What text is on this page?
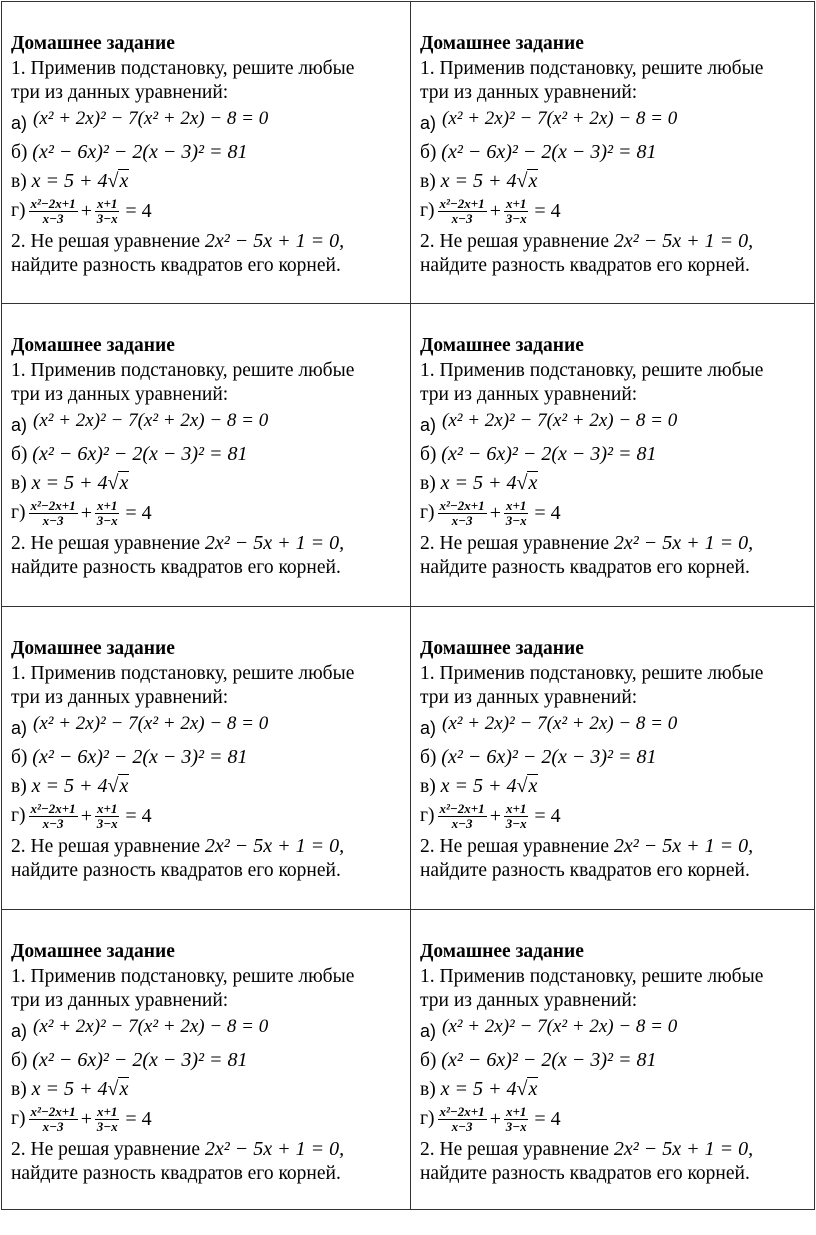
Домашнее задание
1. Применив подстановку, решите любые
три из данных уравнений:
а) (x² + 2x)² − 7(x² + 2x) − 8 = 0
б) (x² − 6x)² − 2(x − 3)² = 81
в) x = 5 + 4√x
$г) \frac{\text{x²−2x+1}}{x-3} + \frac{x+1}{3-x} = 4$
2. Не решая уравнение 2x² − 5x + 1 = 0,
найдите разность квадратов его корней.
Домашнее задание
1. Применив подстановку, решите любые
три из данных уравнений:
а) (x² + 2x)² − 7(x² + 2x) − 8 = 0
б) (x² − 6x)² − 2(x − 3)² = 81
в) x = 5 + 4√x
$г) \frac{\text{x²−2x+1}}{x-3} + \frac{x+1}{3-x} = 4$
2. Не решая уравнение 2x² − 5x + 1 = 0,
найдите разность квадратов его корней.
Домашнее задание
1. Применив подстановку, решите любые
три из данных уравнений:
а) (x² + 2x)² − 7(x² + 2x) − 8 = 0
б) (x² − 6x)² − 2(x − 3)² = 81
в) x = 5 + 4√x
$г) \frac{\text{x²−2x+1}}{x-3} + \frac{x+1}{3-x} = 4$
2. Не решая уравнение 2x² − 5x + 1 = 0,
найдите разность квадратов его корней.
Домашнее задание
1. Применив подстановку, решите любые
три из данных уравнений:
а) (x² + 2x)² − 7(x² + 2x) − 8 = 0
б) (x² − 6x)² − 2(x − 3)² = 81
в) x = 5 + 4√x
$г) \frac{\text{x²−2x+1}}{x-3} + \frac{x+1}{3-x} = 4$
2. Не решая уравнение 2x² − 5x + 1 = 0,
найдите разность квадратов его корней.
Домашнее задание
1. Применив подстановку, решите любые
три из данных уравнений:
а) (x² + 2x)² − 7(x² + 2x) − 8 = 0
б) (x² − 6x)² − 2(x − 3)² = 81
в) x = 5 + 4√x
$г) \frac{\text{x²−2x+1}}{x-3} + \frac{x+1}{3-x} = 4$
2. Не решая уравнение 2x² − 5x + 1 = 0,
найдите разность квадратов его корней.
Домашнее задание
1. Применив подстановку, решите любые
три из данных уравнений:
а) (x² + 2x)² − 7(x² + 2x) − 8 = 0
б) (x² − 6x)² − 2(x − 3)² = 81
в) x = 5 + 4√x
$г) \frac{\text{x²−2x+1}}{x-3} + \frac{x+1}{3-x} = 4$
2. Не решая уравнение 2x² − 5x + 1 = 0,
найдите разность квадратов его корней.
Домашнее задание
1. Применив подстановку, решите любые
три из данных уравнений:
а) (x² + 2x)² − 7(x² + 2x) − 8 = 0
б) (x² − 6x)² − 2(x − 3)² = 81
в) x = 5 + 4√x
$г) \frac{\text{x²−2x+1}}{x-3} + \frac{x+1}{3-x} = 4$
2. Не решая уравнение 2x² − 5x + 1 = 0,
найдите разность квадратов его корней.
Домашнее задание
1. Применив подстановку, решите любые
три из данных уравнений:
а) (x² + 2x)² − 7(x² + 2x) − 8 = 0
б) (x² − 6x)² − 2(x − 3)² = 81
в) x = 5 + 4√x
$г) \frac{\text{x²−2x+1}}{x-3} + \frac{x+1}{3-x} = 4$
2. Не решая уравнение 2x² − 5x + 1 = 0,
найдите разность квадратов его корней.
